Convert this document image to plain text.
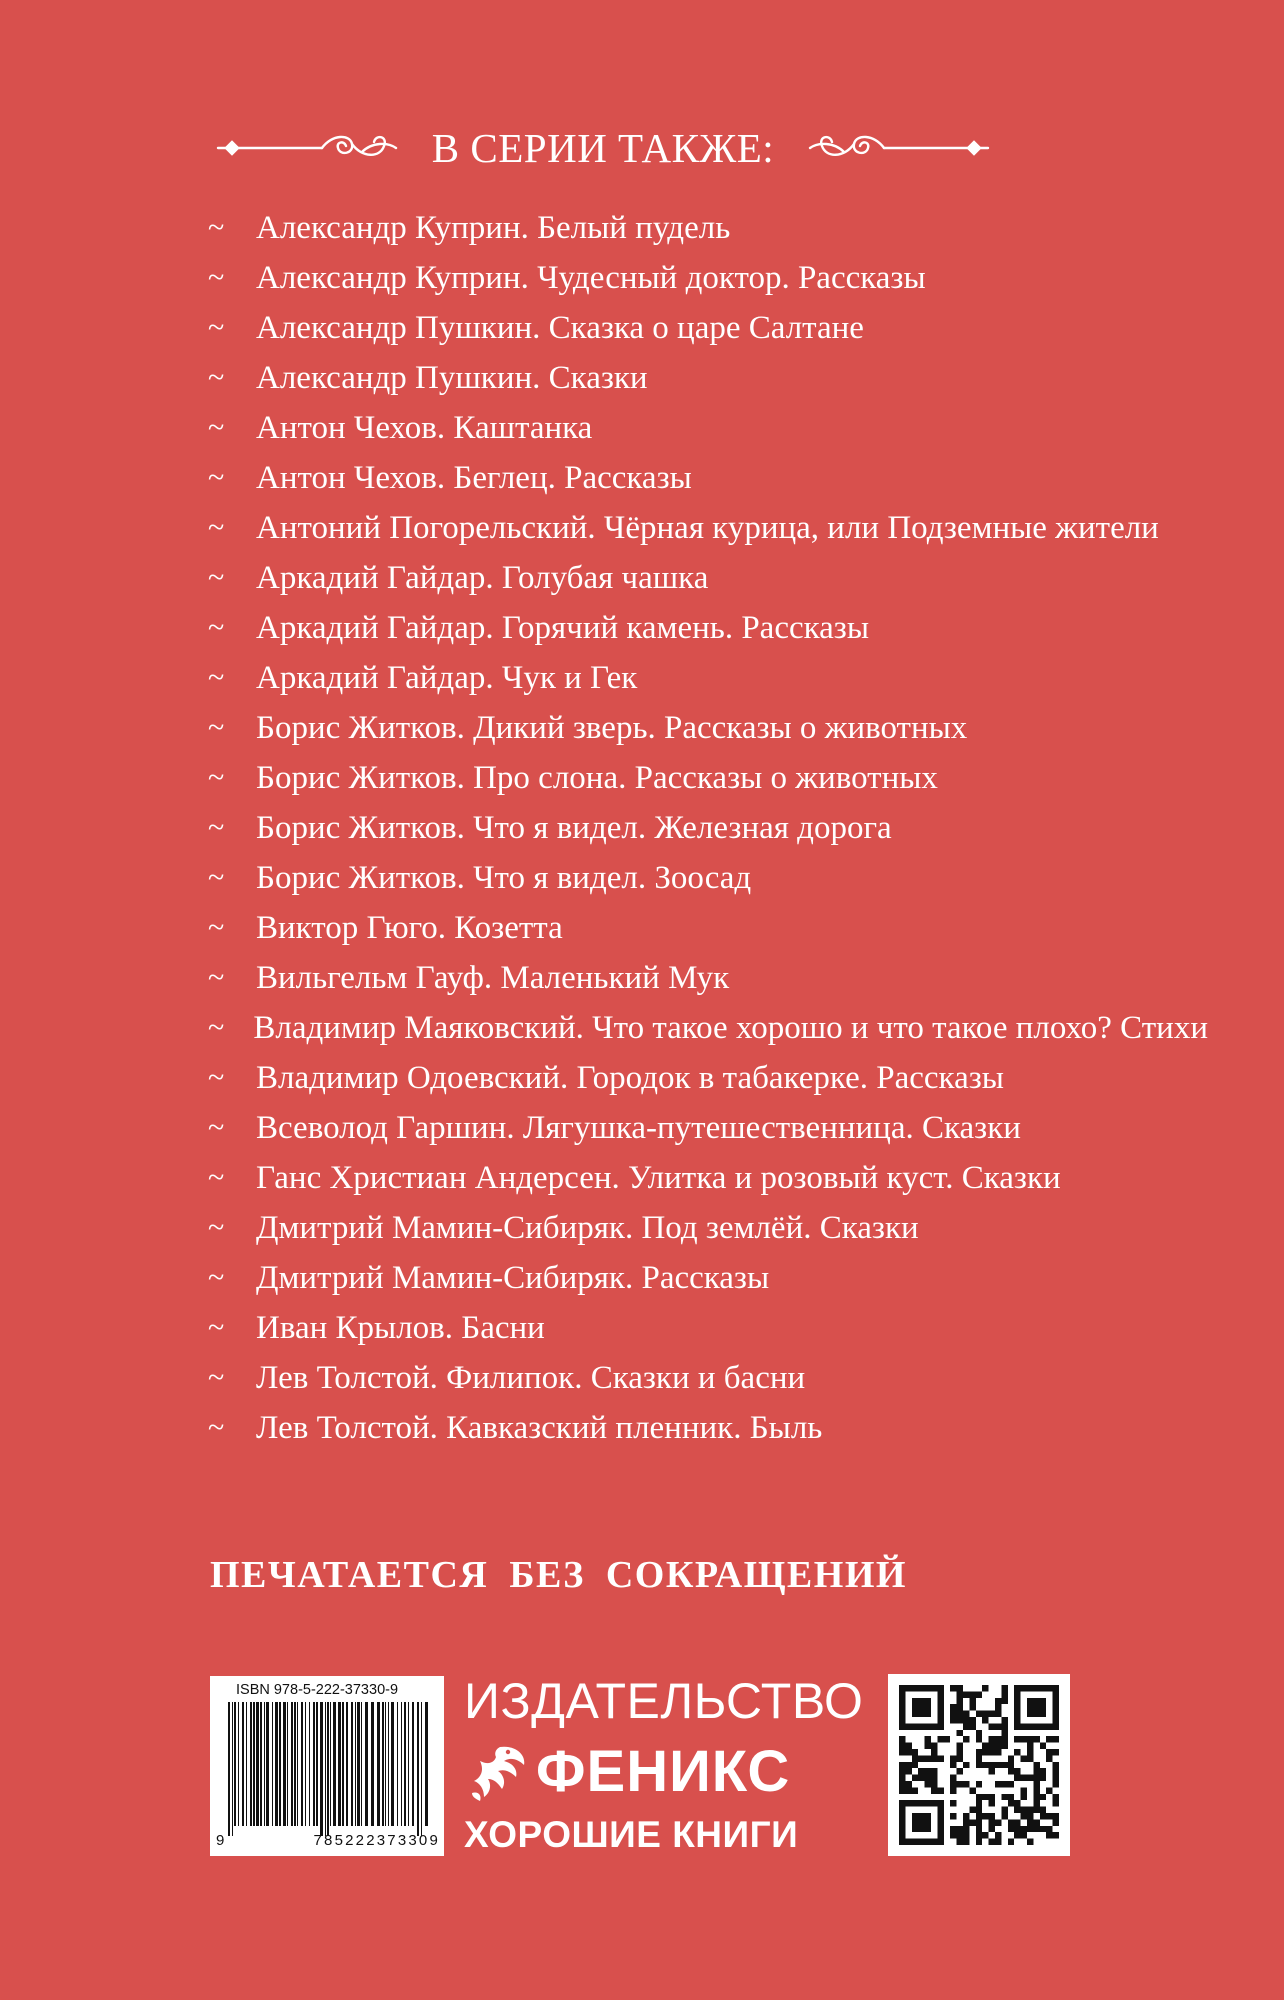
В СЕРИИ ТАКЖЕ:
~ Александр Куприн. Белый пудель
~ Александр Куприн. Чудесный доктор. Рассказы
~ Александр Пушкин. Сказка о царе Салтане
~ Александр Пушкин. Сказки
~ Антон Чехов. Каштанка
~ Антон Чехов. Беглец. Рассказы
~ Антоний Погорельский. Чёрная курица, или Подземные жители
~ Аркадий Гайдар. Голубая чашка
~ Аркадий Гайдар. Горячий камень. Рассказы
~ Аркадий Гайдар. Чук и Гек
~ Борис Житков. Дикий зверь. Рассказы о животных
~ Борис Житков. Про слона. Рассказы о животных
~ Борис Житков. Что я видел. Железная дорога
~ Борис Житков. Что я видел. Зоосад
~ Виктор Гюго. Козетта
~ Вильгельм Гауф. Маленький Мук
~ Владимир Маяковский. Что такое хорошо и что такое плохо? Стихи
~ Владимир Одоевский. Городок в табакерке. Рассказы
~ Всеволод Гаршин. Лягушка-путешественница. Сказки
~ Ганс Христиан Андерсен. Улитка и розовый куст. Сказки
~ Дмитрий Мамин-Сибиряк. Под землёй. Сказки
~ Дмитрий Мамин-Сибиряк. Рассказы
~ Иван Крылов. Басни
~ Лев Толстой. Филипок. Сказки и басни
~ Лев Толстой. Кавказский пленник. Быль
ПЕЧАТАЕТСЯ БЕЗ СОКРАЩЕНИЙ
ISBN 978-5-222-37330-9
9	785222373309
ИЗДАТЕЛЬСТВО
ФЕНИКС
ХОРОШИЕ КНИГИ
